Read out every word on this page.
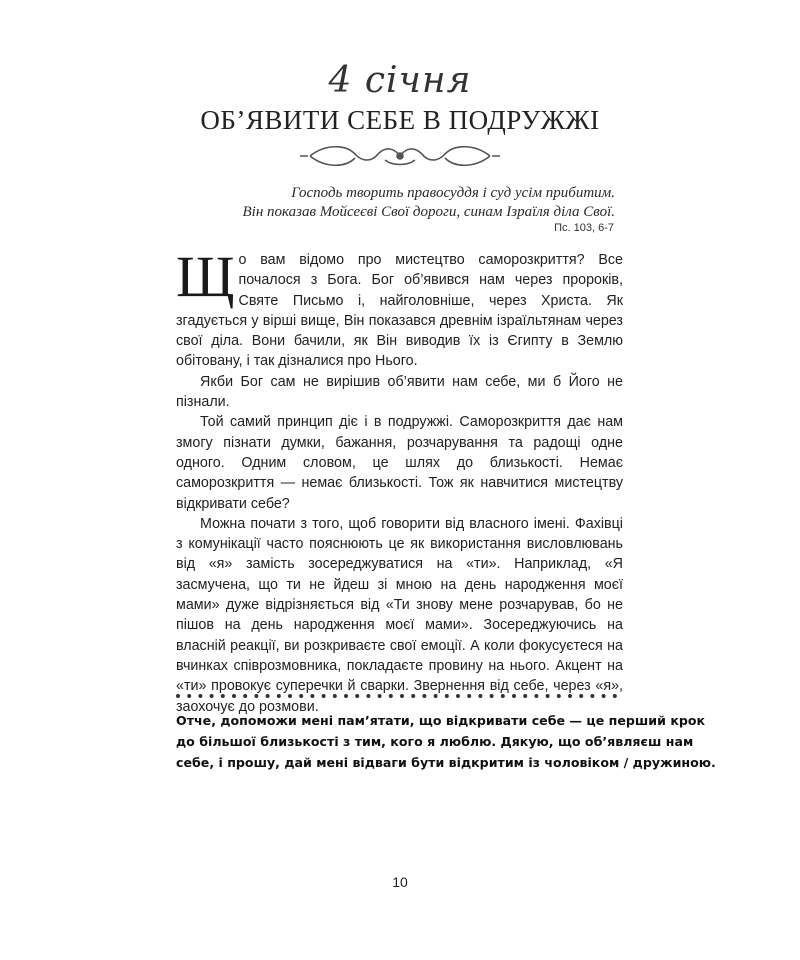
4 січня
ОБ’ЯВИТИ СЕБЕ В ПОДРУЖЖІ
Господь творить правосуддя і суд усім прибитим.
Він показав Мойсеєві Свої дороги, синам Ізраїля діла Свої.
Пс. 103, 6-7

Що вам відомо про мистецтво саморозкриття? Все почалося з Бога. Бог об’явився нам через пророків, Святе Письмо і, найголовніше, через Христа. Як згадується у вірші вище, Він показався древнім ізраїльтянам через свої діла. Вони бачили, як Він виводив їх із Єгипту в Землю обітовану, і так дізналися про Нього.

Якби Бог сам не вирішив об’явити нам себе, ми б Його не пізнали.

Той самий принцип діє і в подружжі. Саморозкриття дає нам змогу пізнати думки, бажання, розчарування та радощі одне одного. Одним словом, це шлях до близькості. Немає саморозкриття — немає близькості. Тож як навчитися мистецтву відкривати себе?

Можна почати з того, щоб говорити від власного імені. Фахівці з комунікації часто пояснюють це як використання висловлювань від «я» замість зосереджуватися на «ти». Наприклад, «Я засмучена, що ти не йдеш зі мною на день народження моєї мами» дуже відрізняється від «Ти знову мене розчарував, бо не пішов на день народження моєї мами». Зосереджуючись на власній реакції, ви розкриваєте свої емоції. А коли фокусуєтеся на вчинках співрозмовника, покладаєте провину на нього. Акцент на «ти» провокує суперечки й сварки. Звернення від себе, через «я», заохочує до розмови.

Отче, допоможи мені пам’ятати, що відкривати себе — це перший крок
до більшої близькості з тим, кого я люблю. Дякую, що об’являєш нам
себе, і прошу, дай мені відваги бути відкритим із чоловіком / дружиною.
10
